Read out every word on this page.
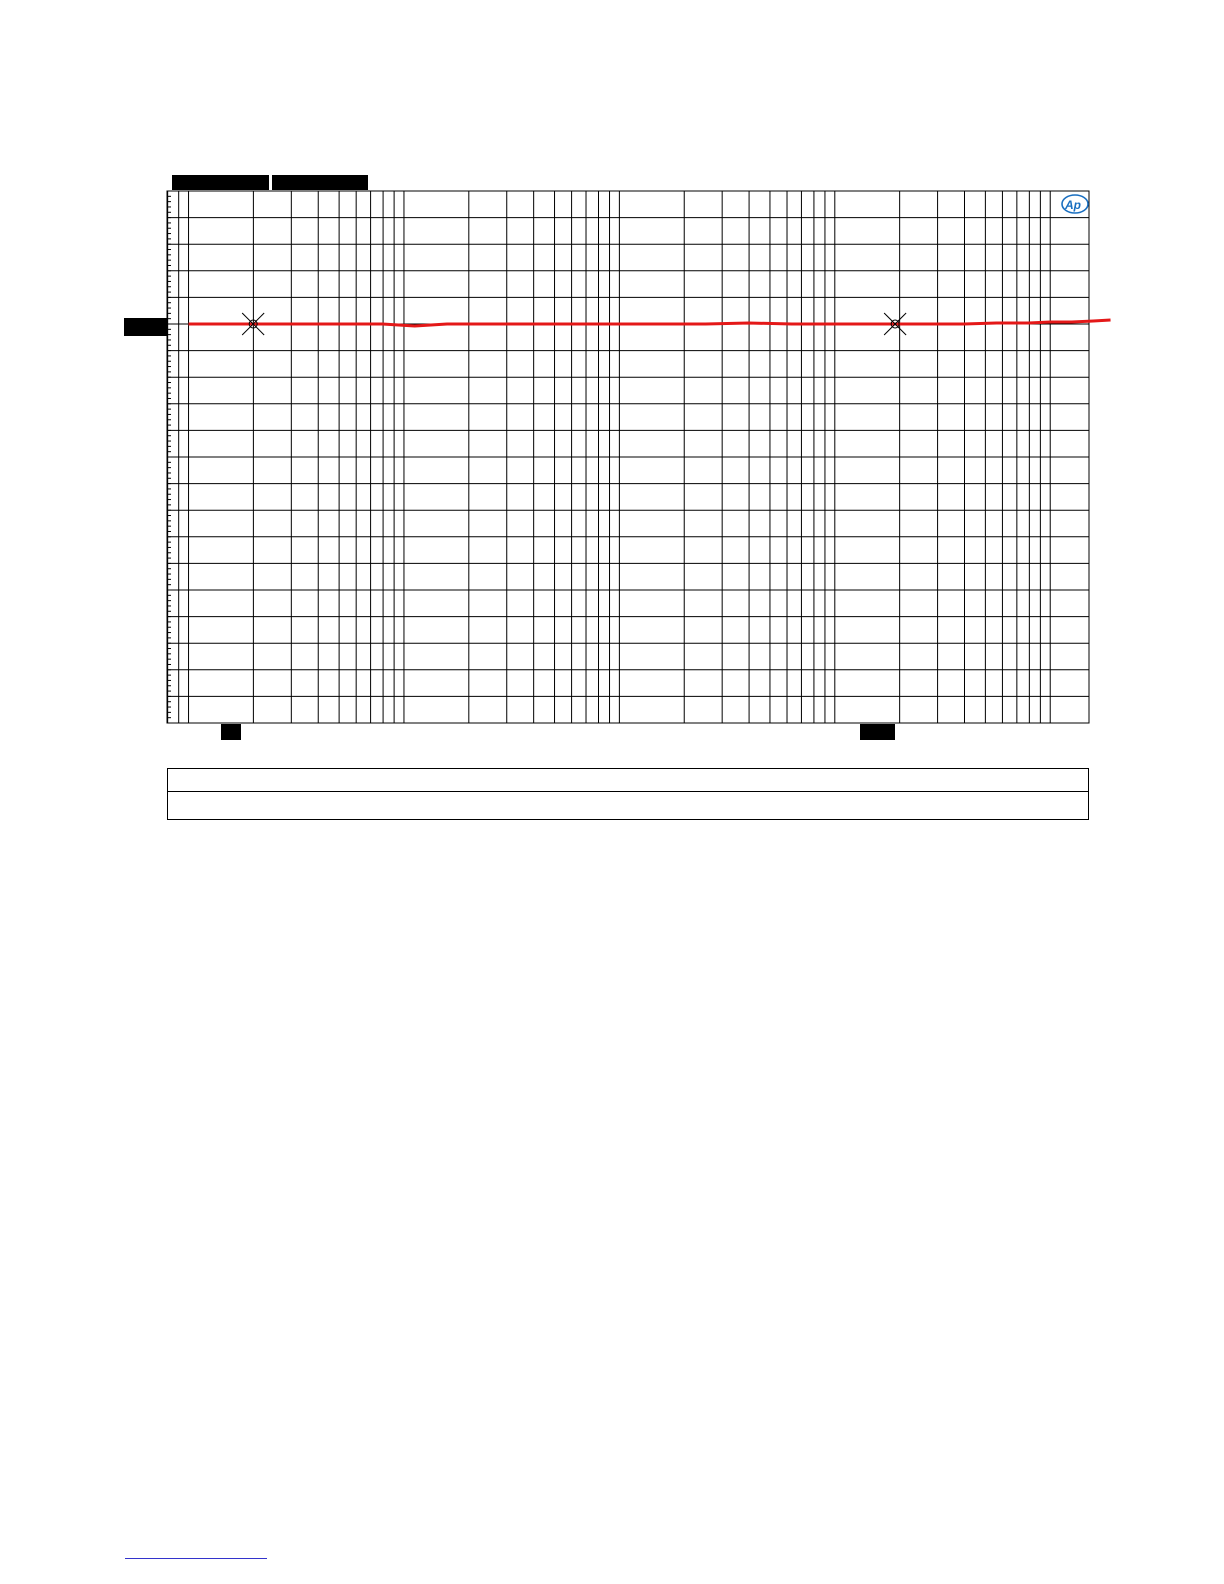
Ap
